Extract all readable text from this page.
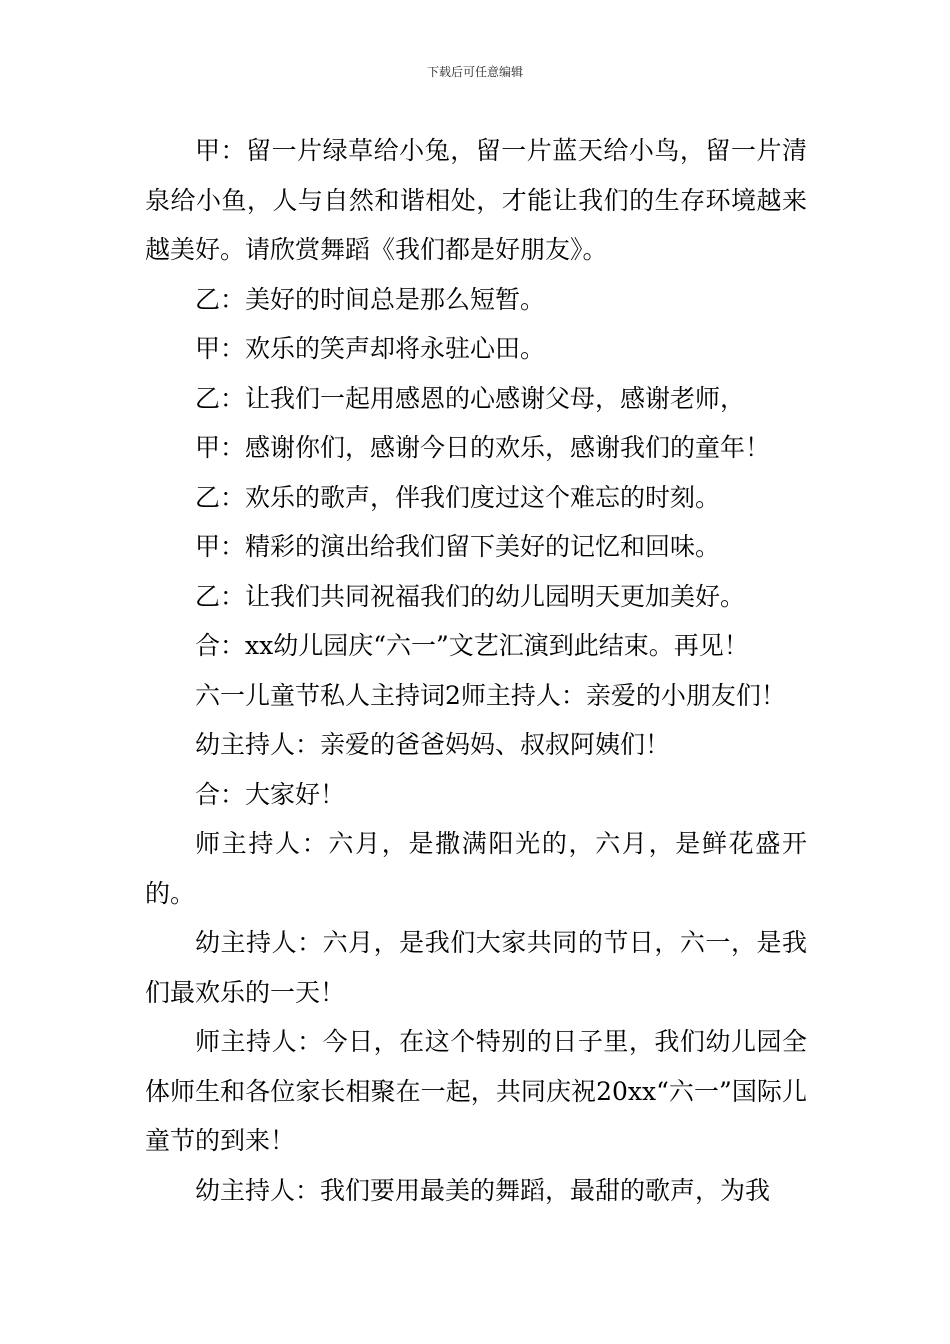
下载后可任意编辑

甲：留一片绿草给小兔，留一片蓝天给小鸟，留一片清泉给小鱼，人与自然和谐相处，才能让我们的生存环境越来越美好。请欣赏舞蹈《我们都是好朋友》。

乙：美好的时间总是那么短暂。

甲：欢乐的笑声却将永驻心田。

乙：让我们一起用感恩的心感谢父母，感谢老师，

甲：感谢你们，感谢今日的欢乐，感谢我们的童年！

乙：欢乐的歌声，伴我们度过这个难忘的时刻。

甲：精彩的演出给我们留下美好的记忆和回味。

乙：让我们共同祝福我们的幼儿园明天更加美好。

合：xx幼儿园庆“六一”文艺汇演到此结束。再见！

六一儿童节私人主持词2师主持人：亲爱的小朋友们！

幼主持人：亲爱的爸爸妈妈、叔叔阿姨们！

合：大家好！

师主持人：六月，是撒满阳光的，六月，是鲜花盛开的。

幼主持人：六月，是我们大家共同的节日，六一，是我们最欢乐的一天！

师主持人：今日，在这个特别的日子里，我们幼儿园全体师生和各位家长相聚在一起，共同庆祝20xx“六一”国际儿童节的到来！

幼主持人：我们要用最美的舞蹈，最甜的歌声，为我
